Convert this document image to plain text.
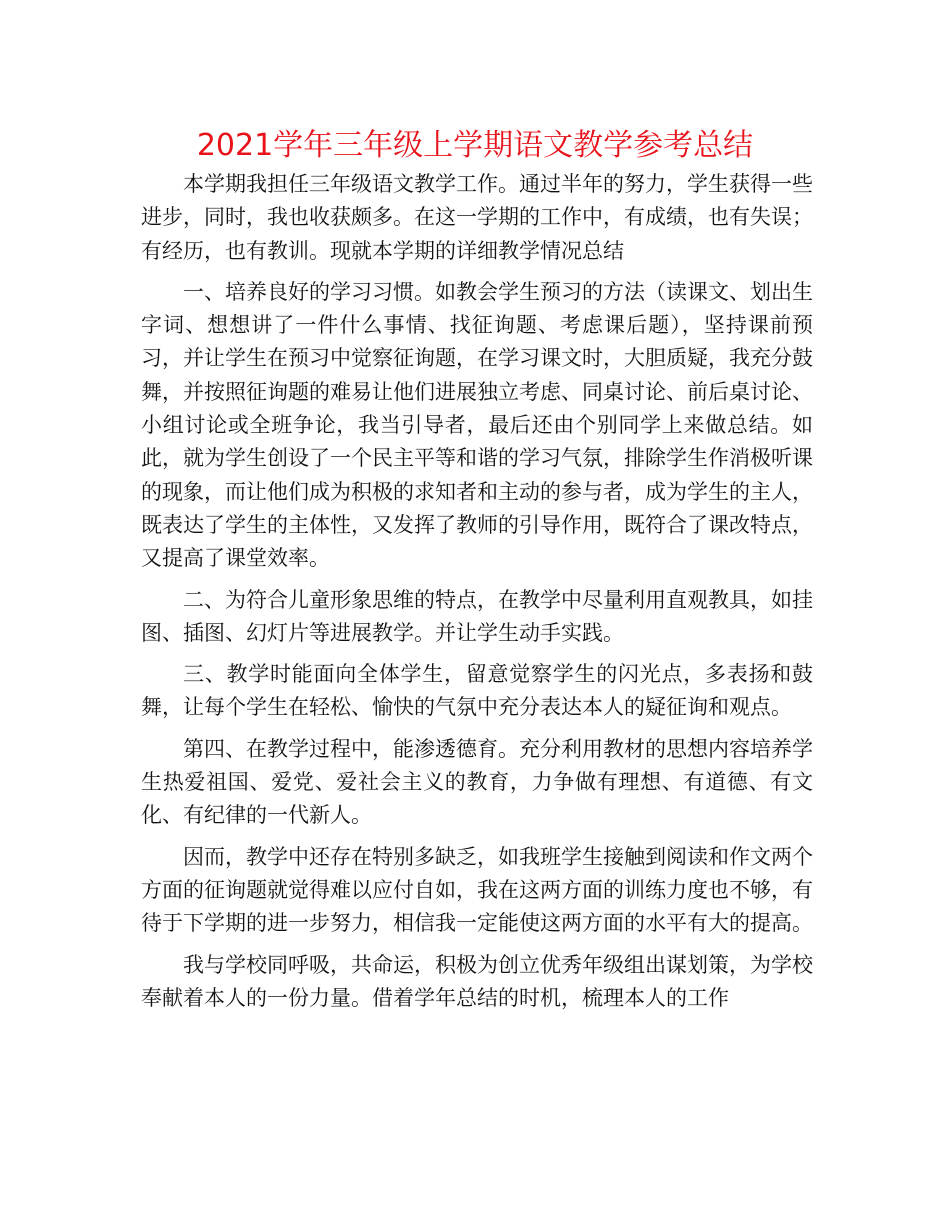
2021学年三年级上学期语文教学参考总结

本学期我担任三年级语文教学工作。通过半年的努力，学生获得一些进步，同时，我也收获颇多。在这一学期的工作中，有成绩，也有失误；有经历，也有教训。现就本学期的详细教学情况总结

一、培养良好的学习习惯。如教会学生预习的方法（读课文、划出生字词、想想讲了一件什么事情、找征询题、考虑课后题），坚持课前预习，并让学生在预习中觉察征询题，在学习课文时，大胆质疑，我充分鼓舞，并按照征询题的难易让他们进展独立考虑、同桌讨论、前后桌讨论、小组讨论或全班争论，我当引导者，最后还由个别同学上来做总结。如此，就为学生创设了一个民主平等和谐的学习气氛，排除学生作消极听课的现象，而让他们成为积极的求知者和主动的参与者，成为学生的主人，既表达了学生的主体性，又发挥了教师的引导作用，既符合了课改特点，又提高了课堂效率。

二、为符合儿童形象思维的特点，在教学中尽量利用直观教具，如挂图、插图、幻灯片等进展教学。并让学生动手实践。

三、教学时能面向全体学生，留意觉察学生的闪光点，多表扬和鼓舞，让每个学生在轻松、愉快的气氛中充分表达本人的疑征询和观点。

第四、在教学过程中，能渗透德育。充分利用教材的思想内容培养学生热爱祖国、爱党、爱社会主义的教育，力争做有理想、有道德、有文化、有纪律的一代新人。

因而，教学中还存在特别多缺乏，如我班学生接触到阅读和作文两个方面的征询题就觉得难以应付自如，我在这两方面的训练力度也不够，有待于下学期的进一步努力，相信我一定能使这两方面的水平有大的提高。

我与学校同呼吸，共命运，积极为创立优秀年级组出谋划策，为学校奉献着本人的一份力量。借着学年总结的时机，梳理本人的工作
